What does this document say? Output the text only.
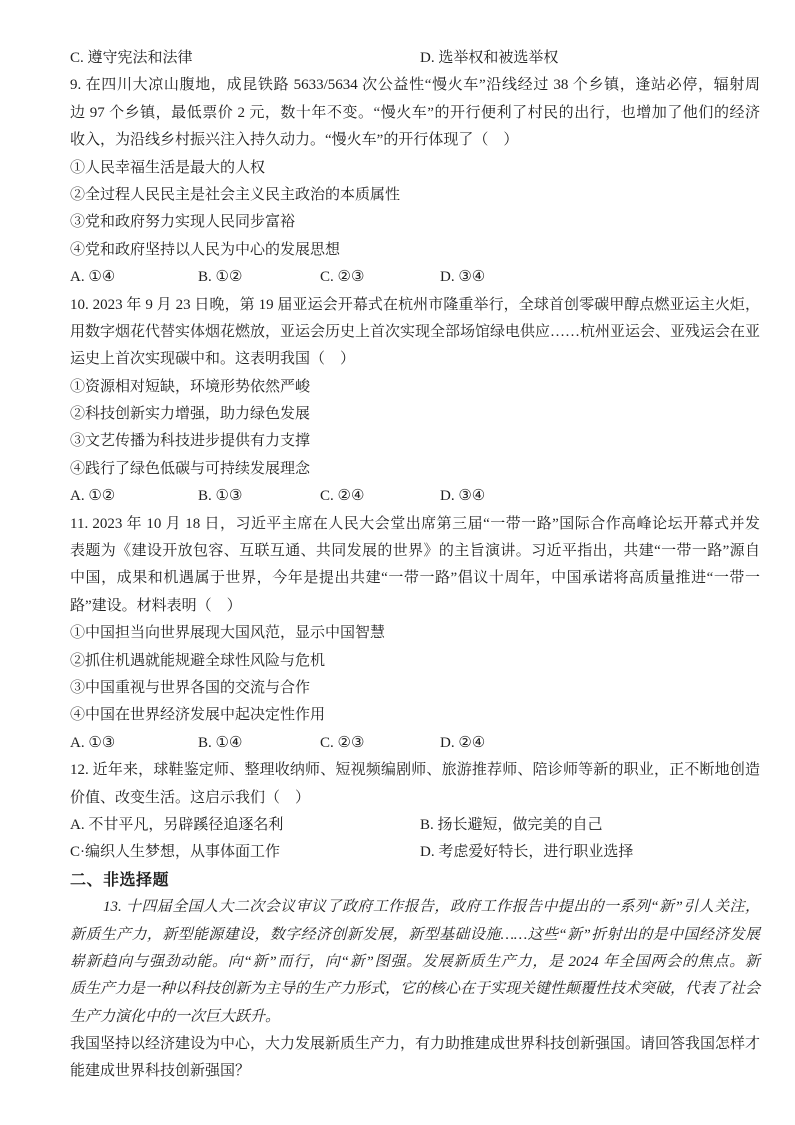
C. 遵守宪法和法律	D. 选举权和被选举权
9. 在四川大凉山腹地，成昆铁路 5633/5634 次公益性“慢火车”沿线经过 38 个乡镇，逢站必停，辐射周
边 97 个乡镇，最低票价 2 元，数十年不变。“慢火车”的开行便利了村民的出行，也增加了他们的经济
收入，为沿线乡村振兴注入持久动力。“慢火车”的开行体现了（　）
①人民幸福生活是最大的人权
②全过程人民民主是社会主义民主政治的本质属性
③党和政府努力实现人民同步富裕
④党和政府坚持以人民为中心的发展思想
A. ①④	B. ①②	C. ②③	D. ③④
10. 2023 年 9 月 23 日晚，第 19 届亚运会开幕式在杭州市隆重举行，全球首创零碳甲醇点燃亚运主火炬，
用数字烟花代替实体烟花燃放，亚运会历史上首次实现全部场馆绿电供应……杭州亚运会、亚残运会在亚
运史上首次实现碳中和。这表明我国（　）
①资源相对短缺，环境形势依然严峻
②科技创新实力增强，助力绿色发展
③文艺传播为科技进步提供有力支撑
④践行了绿色低碳与可持续发展理念
A. ①②	B. ①③	C. ②④	D. ③④
11. 2023 年 10 月 18 日，习近平主席在人民大会堂出席第三届“一带一路”国际合作高峰论坛开幕式并发
表题为《建设开放包容、互联互通、共同发展的世界》的主旨演讲。习近平指出，共建“一带一路”源自
中国，成果和机遇属于世界，今年是提出共建“一带一路”倡议十周年，中国承诺将高质量推进“一带一
路”建设。材料表明（　）
①中国担当向世界展现大国风范，显示中国智慧
②抓住机遇就能规避全球性风险与危机
③中国重视与世界各国的交流与合作
④中国在世界经济发展中起决定性作用
A. ①③	B. ①④	C. ②③	D. ②④
12. 近年来，球鞋鉴定师、整理收纳师、短视频编剧师、旅游推荐师、陪诊师等新的职业，正不断地创造
价值、改变生活。这启示我们（　）
A. 不甘平凡，另辟蹊径追逐名利	B. 扬长避短，做完美的自己
C·编织人生梦想，从事体面工作	D. 考虑爱好特长，进行职业选择
二、非选择题
13. 十四届全国人大二次会议审议了政府工作报告，政府工作报告中提出的一系列“新”引人关注，
新质生产力，新型能源建设，数字经济创新发展，新型基础设施……这些“新”折射出的是中国经济发展
崭新趋向与强劲动能。向“新”而行，向“新”图强。发展新质生产力，是 2024 年全国两会的焦点。新
质生产力是一种以科技创新为主导的生产力形式，它的核心在于实现关键性颠覆性技术突破，代表了社会
生产力演化中的一次巨大跃升。
我国坚持以经济建设为中心，大力发展新质生产力，有力助推建成世界科技创新强国。请回答我国怎样才
能建成世界科技创新强国？
